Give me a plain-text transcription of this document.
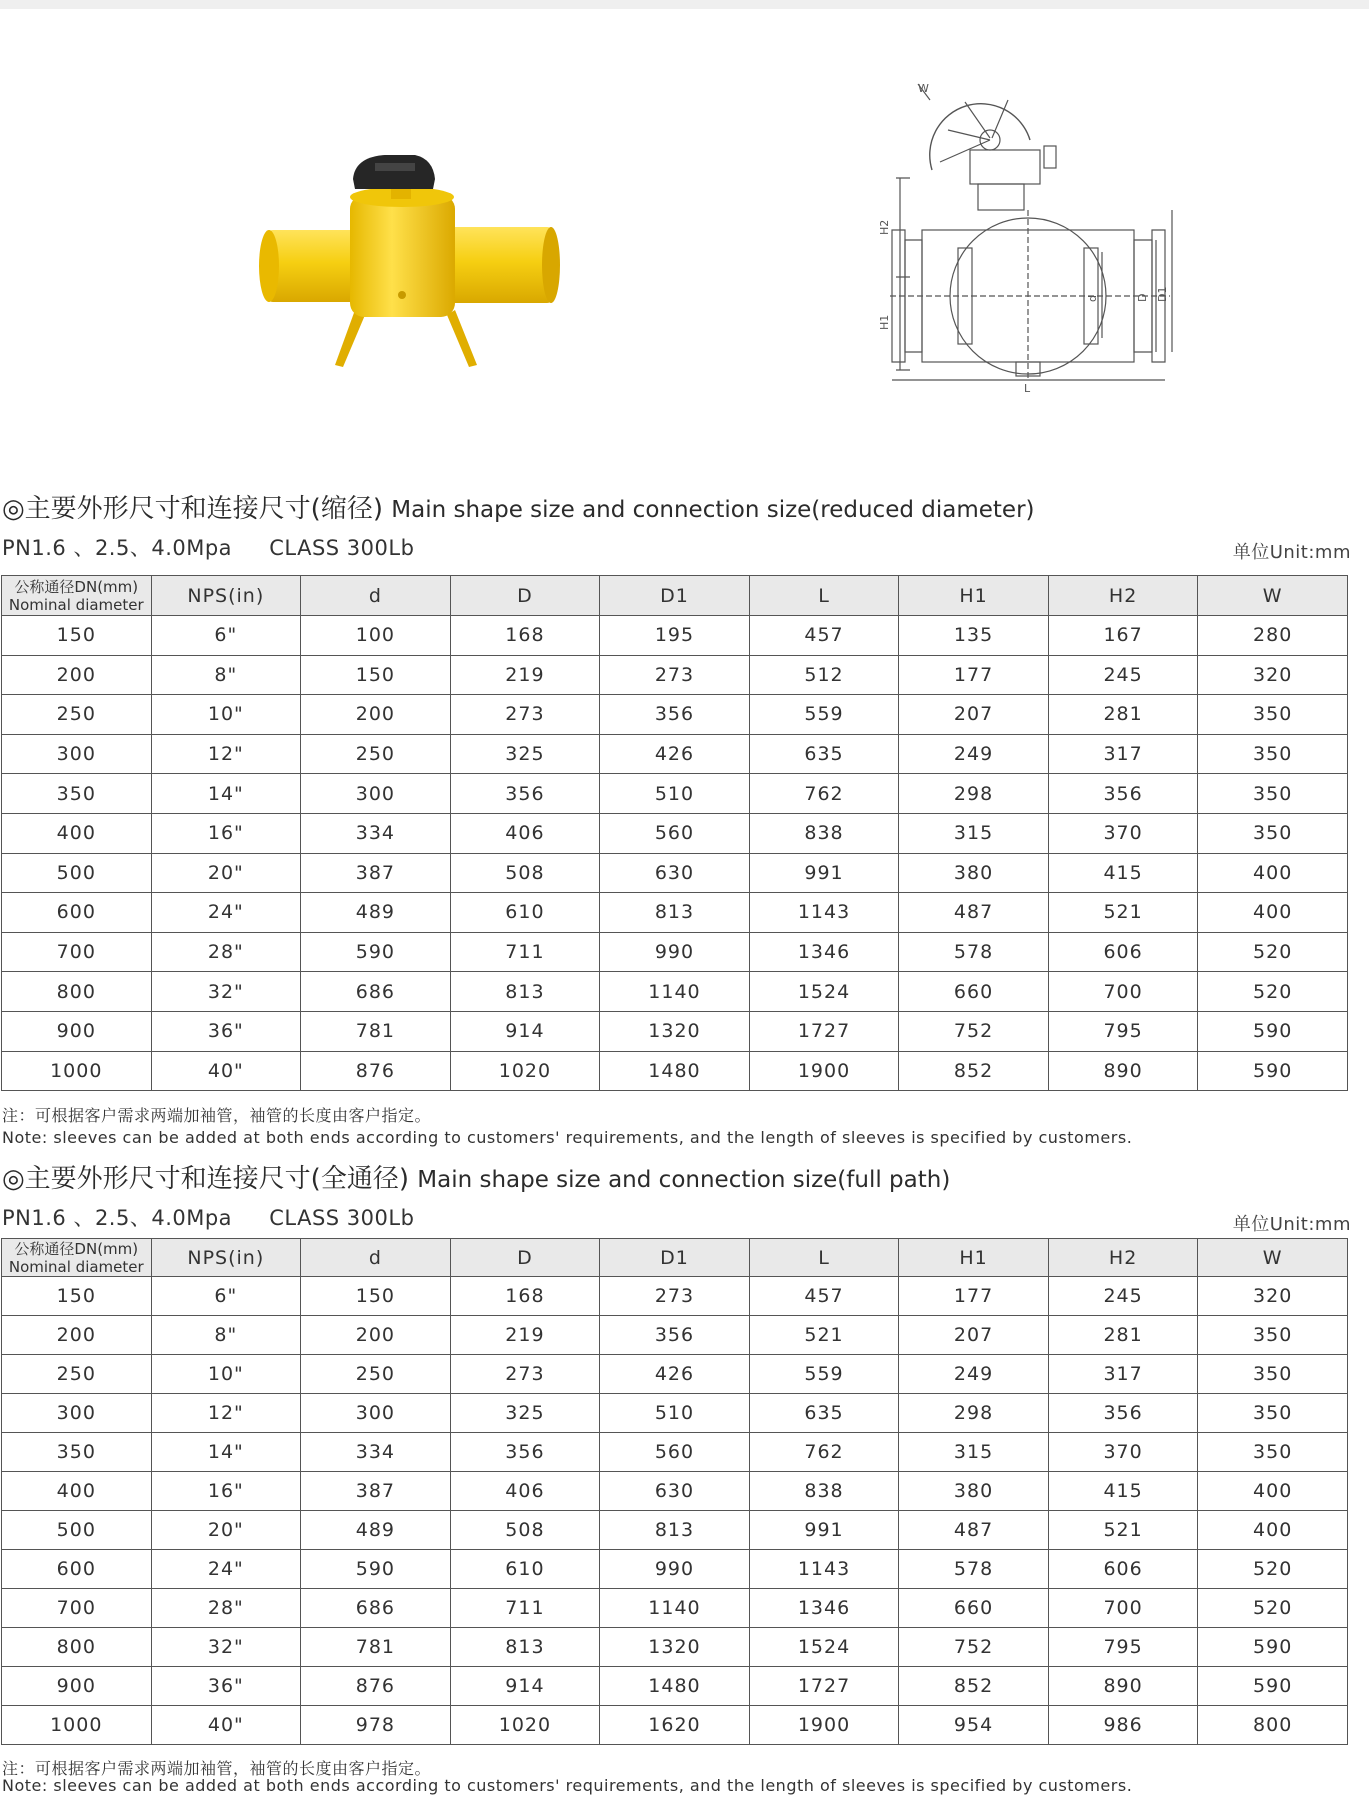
W
H2
H1
d	D D1
L
◎主要外形尺寸和连接尺寸(缩径) Main shape size and connection size(reduced diameter)
PN1.6 、2.5、4.0Mpa CLASS 300Lb	单位Unit:mm
公称通径DN(mm)
Nominal diameter	NPS(in)	d	D	D1	L	H1	H2	W
150	6"	100	168	195	457	135	167	280
200	8"	150	219	273	512	177	245	320
250	10"	200	273	356	559	207	281	350
300	12"	250	325	426	635	249	317	350
350	14"	300	356	510	762	298	356	350
400	16"	334	406	560	838	315	370	350
500	20"	387	508	630	991	380	415	400
600	24"	489	610	813	1143	487	521	400
700	28"	590	711	990	1346	578	606	520
800	32"	686	813	1140	1524	660	700	520
900	36"	781	914	1320	1727	752	795	590
1000	40"	876	1020	1480	1900	852	890	590
注：可根据客户需求两端加袖管，袖管的长度由客户指定。
Note: sleeves can be added at both ends according to customers' requirements, and the length of sleeves is specified by customers.
◎主要外形尺寸和连接尺寸(全通径) Main shape size and connection size(full path)
PN1.6 、2.5、4.0Mpa CLASS 300Lb	单位Unit:mm
公称通径DN(mm)
Nominal diameter	NPS(in)	d	D	D1	L	H1	H2	W
150	6"	150	168	273	457	177	245	320
200	8"	200	219	356	521	207	281	350
250	10"	250	273	426	559	249	317	350
300	12"	300	325	510	635	298	356	350
350	14"	334	356	560	762	315	370	350
400	16"	387	406	630	838	380	415	400
500	20"	489	508	813	991	487	521	400
600	24"	590	610	990	1143	578	606	520
700	28"	686	711	1140	1346	660	700	520
800	32"	781	813	1320	1524	752	795	590
900	36"	876	914	1480	1727	852	890	590
1000	40"	978	1020	1620	1900	954	986	800
注：可根据客户需求两端加袖管，袖管的长度由客户指定。
Note: sleeves can be added at both ends according to customers' requirements, and the length of sleeves is specified by customers.
